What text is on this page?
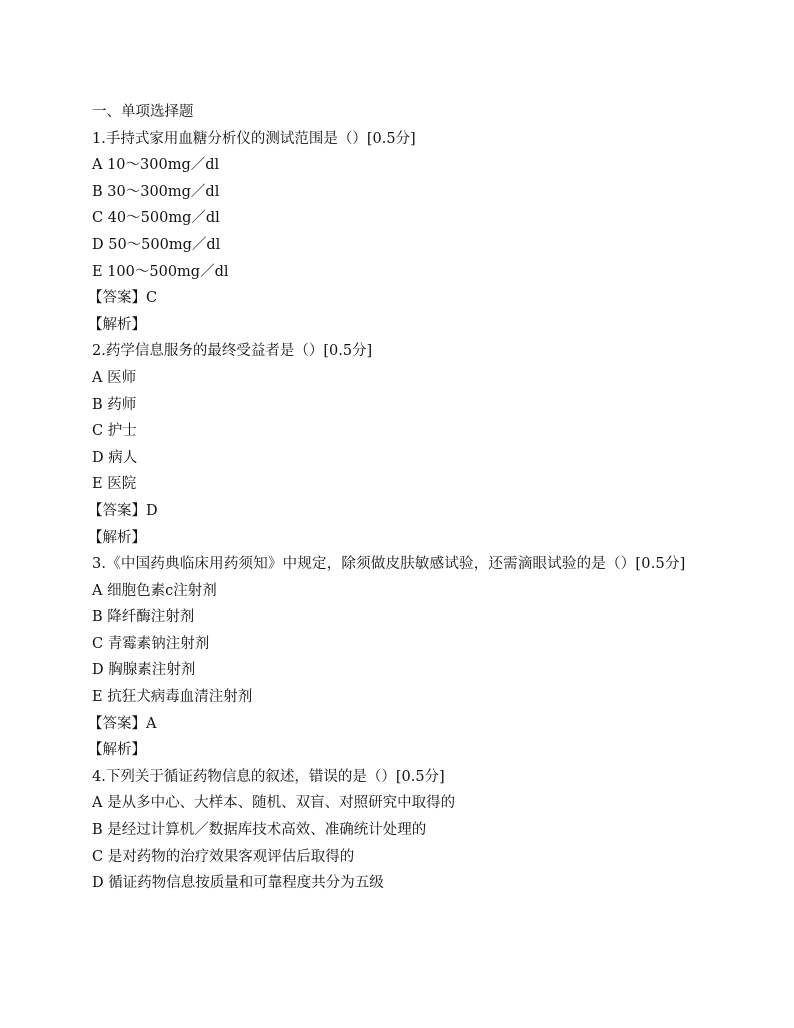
一、单项选择题
1.手持式家用血糖分析仪的测试范围是（）[0.5分]
A 10～300mg／dl
B 30～300mg／dl
C 40～500mg／dl
D 50～500mg／dl
E 100～500mg／dl
【答案】C
【解析】
2.药学信息服务的最终受益者是（）[0.5分]
A 医师
B 药师
C 护士
D 病人
E 医院
【答案】D
【解析】
3.《中国药典临床用药须知》中规定，除须做皮肤敏感试验，还需滴眼试验的是（）[0.5分]
A 细胞色素c注射剂
B 降纤酶注射剂
C 青霉素钠注射剂
D 胸腺素注射剂
E 抗狂犬病毒血清注射剂
【答案】A
【解析】
4.下列关于循证药物信息的叙述，错误的是（）[0.5分]
A 是从多中心、大样本、随机、双盲、对照研究中取得的
B 是经过计算机／数据库技术高效、准确统计处理的
C 是对药物的治疗效果客观评估后取得的
D 循证药物信息按质量和可靠程度共分为五级
